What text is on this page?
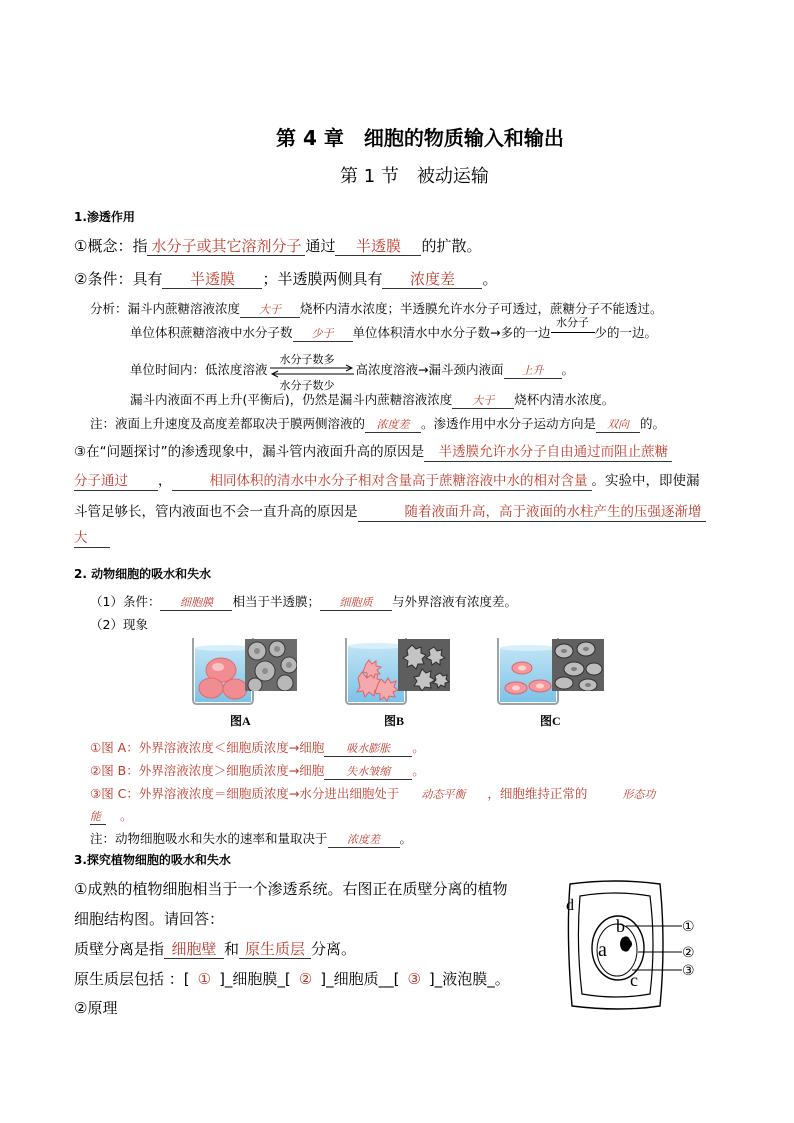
第 4 章　细胞的物质输入和输出
第 1 节　被动运输
1.渗透作用
①概念：指 水分子或其它溶剂分子 通过 半透膜 的扩散。
②条件：具有 半透膜 ；半透膜两侧具有 浓度差 。
分析：漏斗内蔗糖溶液浓度 大于 烧杯内清水浓度；半透膜允许水分子可透过，蔗糖分子不能透过。
单位体积蔗糖溶液中水分子数 少于 单位体积清水中水分子数→多的一边
水分子
少的一边。
单位时间内：低浓度溶液
水分子数多
水分子数少
高浓度溶液→漏斗颈内液面 上升 。
漏斗内液面不再上升(平衡后)，仍然是漏斗内蔗糖溶液浓度 大于 烧杯内清水浓度。
注：液面上升速度及高度差都取决于膜两侧溶液的 浓度差 。渗透作用中水分子运动方向是 双向 的。
③在“问题探讨”的渗透现象中，漏斗管内液面升高的原因是 半透膜允许水分子自由通过而阻止蔗糖
分子通过 ，	相同体积的清水中水分子相对含量高于蔗糖溶液中水的相对含量 。实验中，即使漏
斗管足够长，管内液面也不会一直升高的原因是	随着液面升高，高于液面的水柱产生的压强逐渐增
大
2. 动物细胞的吸水和失水
（1）条件： 细胞膜 相当于半透膜； 细胞质 与外界溶液有浓度差。
（2）现象
图A	图B	图C
①图 A：外界溶液浓度＜细胞质浓度→细胞 吸水膨胀 。
②图 B：外界溶液浓度＞细胞质浓度→细胞 失水皱缩 。
③图 C：外界溶液浓度＝细胞质浓度→水分进出细胞处于 动态平衡 ，细胞维持正常的	形态功
能 。
注：动物细胞吸水和失水的速率和量取决于 浓度差 。
3.探究植物细胞的吸水和失水
①成熟的植物细胞相当于一个渗透系统。右图正在质壁分离的植物
细胞结构图。请回答：
质壁分离是指 细胞壁 和 原生质层 分离。
原生质层包括 ：[ ① ]_细胞膜_[ ② ]_细胞质__[ ③ ]_液泡膜_。
②原理
d
b
a
c
①
②
③
